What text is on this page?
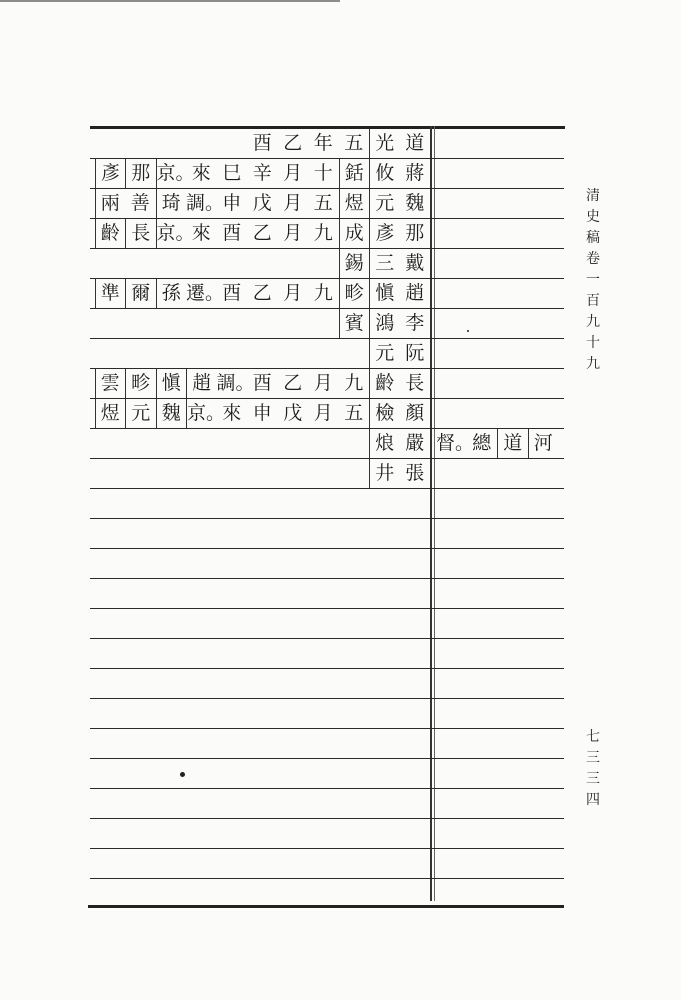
酉 乙 年 五 光 道
彥 那 京。
來 巳 辛 月 十 銛 攸 蔣
兩 善 琦 調。
申 戊 月 五 煜 元 魏
齡 長 京。
來 酉 乙 月 九 成 彥 那
錫 三 戴
準 爾 孫 遷。
酉 乙 月 九 畛 愼 趙
賓 鴻 李
元 阮
雲 畛 愼 趙 調。
酉 乙 月 九 齡 長
煜 元 魏 京。
來 申 戊 月 五 檢 顏
烺 嚴 督。
總 道 河
井 張
清史稿卷一百九十九
七三三四
